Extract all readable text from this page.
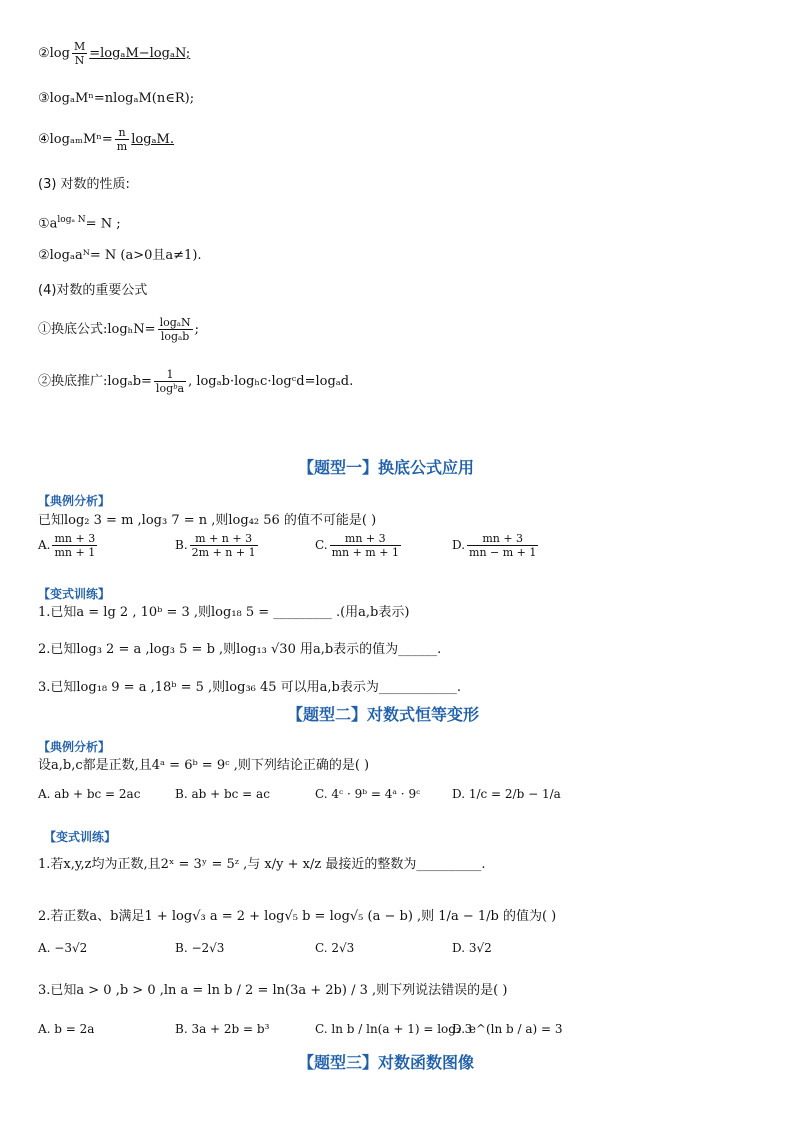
②log $\frac{M}{N} =\log_aM-\log_aN$;
③logₐMⁿ=nlogₐM(n∈R);
④logₐₘMⁿ= $\frac{n}{m} \log_aM$.
(3) 对数的性质:
$①a^{log_a N}= N$ ;
②logₐaᴺ= N (a>0且a≠1).
(4)对数的重要公式
①换底公式:logₕN= $\frac{\text{logₐN}}{\text{logₐb}}$ ;
②换底推广:logₐb= $\frac{1}{\text{logᵇa}}$ , logₐb·logₕc·logᶜd=logₐd.
【题型一】换底公式应用
【典例分析】
已知log₂ 3 = m ,log₃ 7 = n ,则log₄₂ 56 的值不可能是( )
A. $\frac{mn + 3}{mn + 1}$	B. $\frac{m + n + 3}{2m + n + 1}$	C. $\frac{mn + 3}{mn + m + 1}$	D. $\frac{mn + 3}{mn - m + 1}$
【变式训练】
1.已知a = lg 2 , 10ᵇ = 3 ,则log₁₈ 5 = _________ .(用a,b表示)
2.已知log₃ 2 = a ,log₃ 5 = b ,则log₁₃ √30 用a,b表示的值为______.
3.已知log₁₈ 9 = a ,18ᵇ = 5 ,则log₃₆ 45 可以用a,b表示为____________.
【题型二】对数式恒等变形
【典例分析】
设a,b,c都是正数,且4ᵃ = 6ᵇ = 9ᶜ ,则下列结论正确的是( )
A. ab + bc = 2ac	B. ab + bc = ac	C. 4ᶜ · 9ᵇ = 4ᵃ · 9ᶜ	D. 1/c = 2/b − 1/a
【变式训练】
1.若x,y,z均为正数,且2ˣ = 3ʸ = 5ᶻ ,与 x/y + x/z 最接近的整数为__________.
2.若正数a、b满足1 + log√₃ a = 2 + log√₅ b = log√₅ (a − b) ,则 1/a − 1/b 的值为( )
A. −3√2	B. −2√3	C. 2√3	D. 3√2
3.已知a > 0 ,b > 0 ,ln a = ln b / 2 = ln(3a + 2b) / 3 ,则下列说法错误的是( )
A. b = 2a	B. 3a + 2b = b³	C. ln b / ln(a + 1) = log₂ 3
D. e^(ln b / a) = 3
【题型三】对数函数图像
